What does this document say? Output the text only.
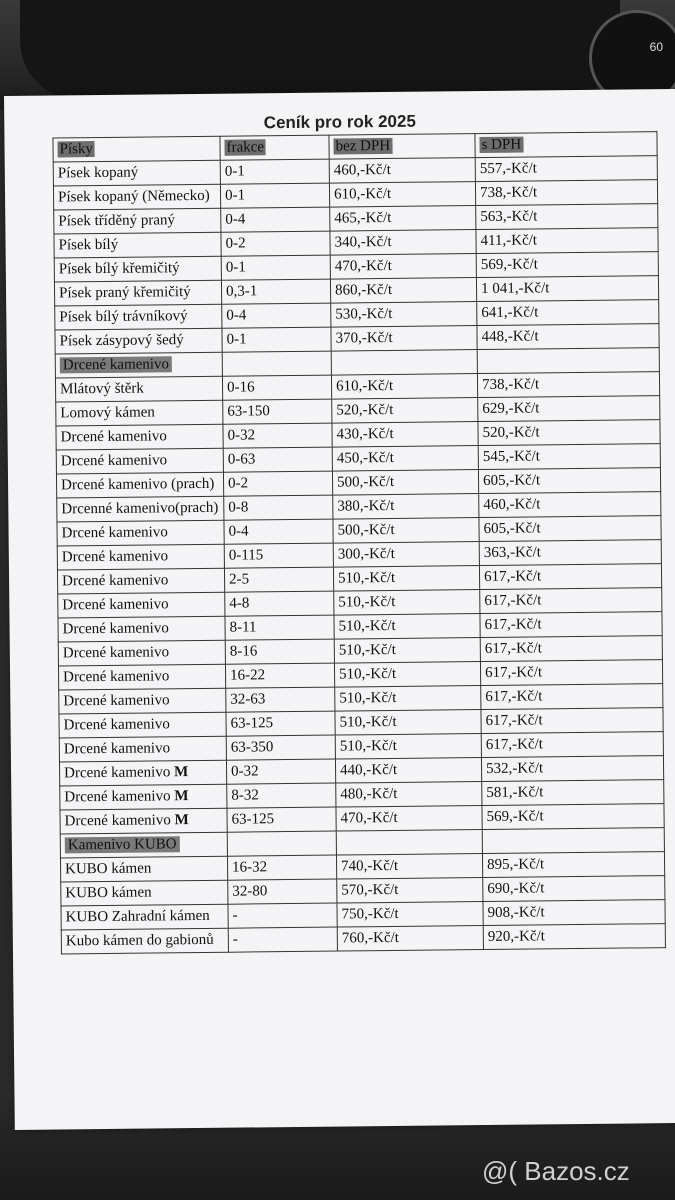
60
Ceník pro rok 2025
Písky	frakce	bez DPH	s DPH
Písek kopaný	0-1	460,-Kč/t	557,-Kč/t
Písek kopaný (Německo)	0-1	610,-Kč/t	738,-Kč/t
Písek tříděný praný	0-4	465,-Kč/t	563,-Kč/t
Písek bílý	0-2	340,-Kč/t	411,-Kč/t
Písek bílý křemičitý	0-1	470,-Kč/t	569,-Kč/t
Písek praný křemičitý	0,3-1	860,-Kč/t	1 041,-Kč/t
Písek bílý trávníkový	0-4	530,-Kč/t	641,-Kč/t
Písek zásypový šedý	0-1	370,-Kč/t	448,-Kč/t
Drcené kamenivo			
Mlátový štěrk	0-16	610,-Kč/t	738,-Kč/t
Lomový kámen	63-150	520,-Kč/t	629,-Kč/t
Drcené kamenivo	0-32	430,-Kč/t	520,-Kč/t
Drcené kamenivo	0-63	450,-Kč/t	545,-Kč/t
Drcené kamenivo (prach)	0-2	500,-Kč/t	605,-Kč/t
Drcenné kamenivo(prach)	0-8	380,-Kč/t	460,-Kč/t
Drcené kamenivo	0-4	500,-Kč/t	605,-Kč/t
Drcené kamenivo	0-115	300,-Kč/t	363,-Kč/t
Drcené kamenivo	2-5	510,-Kč/t	617,-Kč/t
Drcené kamenivo	4-8	510,-Kč/t	617,-Kč/t
Drcené kamenivo	8-11	510,-Kč/t	617,-Kč/t
Drcené kamenivo	8-16	510,-Kč/t	617,-Kč/t
Drcené kamenivo	16-22	510,-Kč/t	617,-Kč/t
Drcené kamenivo	32-63	510,-Kč/t	617,-Kč/t
Drcené kamenivo	63-125	510,-Kč/t	617,-Kč/t
Drcené kamenivo	63-350	510,-Kč/t	617,-Kč/t
Drcené kamenivo M	0-32	440,-Kč/t	532,-Kč/t
Drcené kamenivo M	8-32	480,-Kč/t	581,-Kč/t
Drcené kamenivo M	63-125	470,-Kč/t	569,-Kč/t
Kamenivo KUBO			
KUBO kámen	16-32	740,-Kč/t	895,-Kč/t
KUBO kámen	32-80	570,-Kč/t	690,-Kč/t
KUBO Zahradní kámen	-	750,-Kč/t	908,-Kč/t
Kubo kámen do gabionů	-	760,-Kč/t	920,-Kč/t
@( Bazos.cz
